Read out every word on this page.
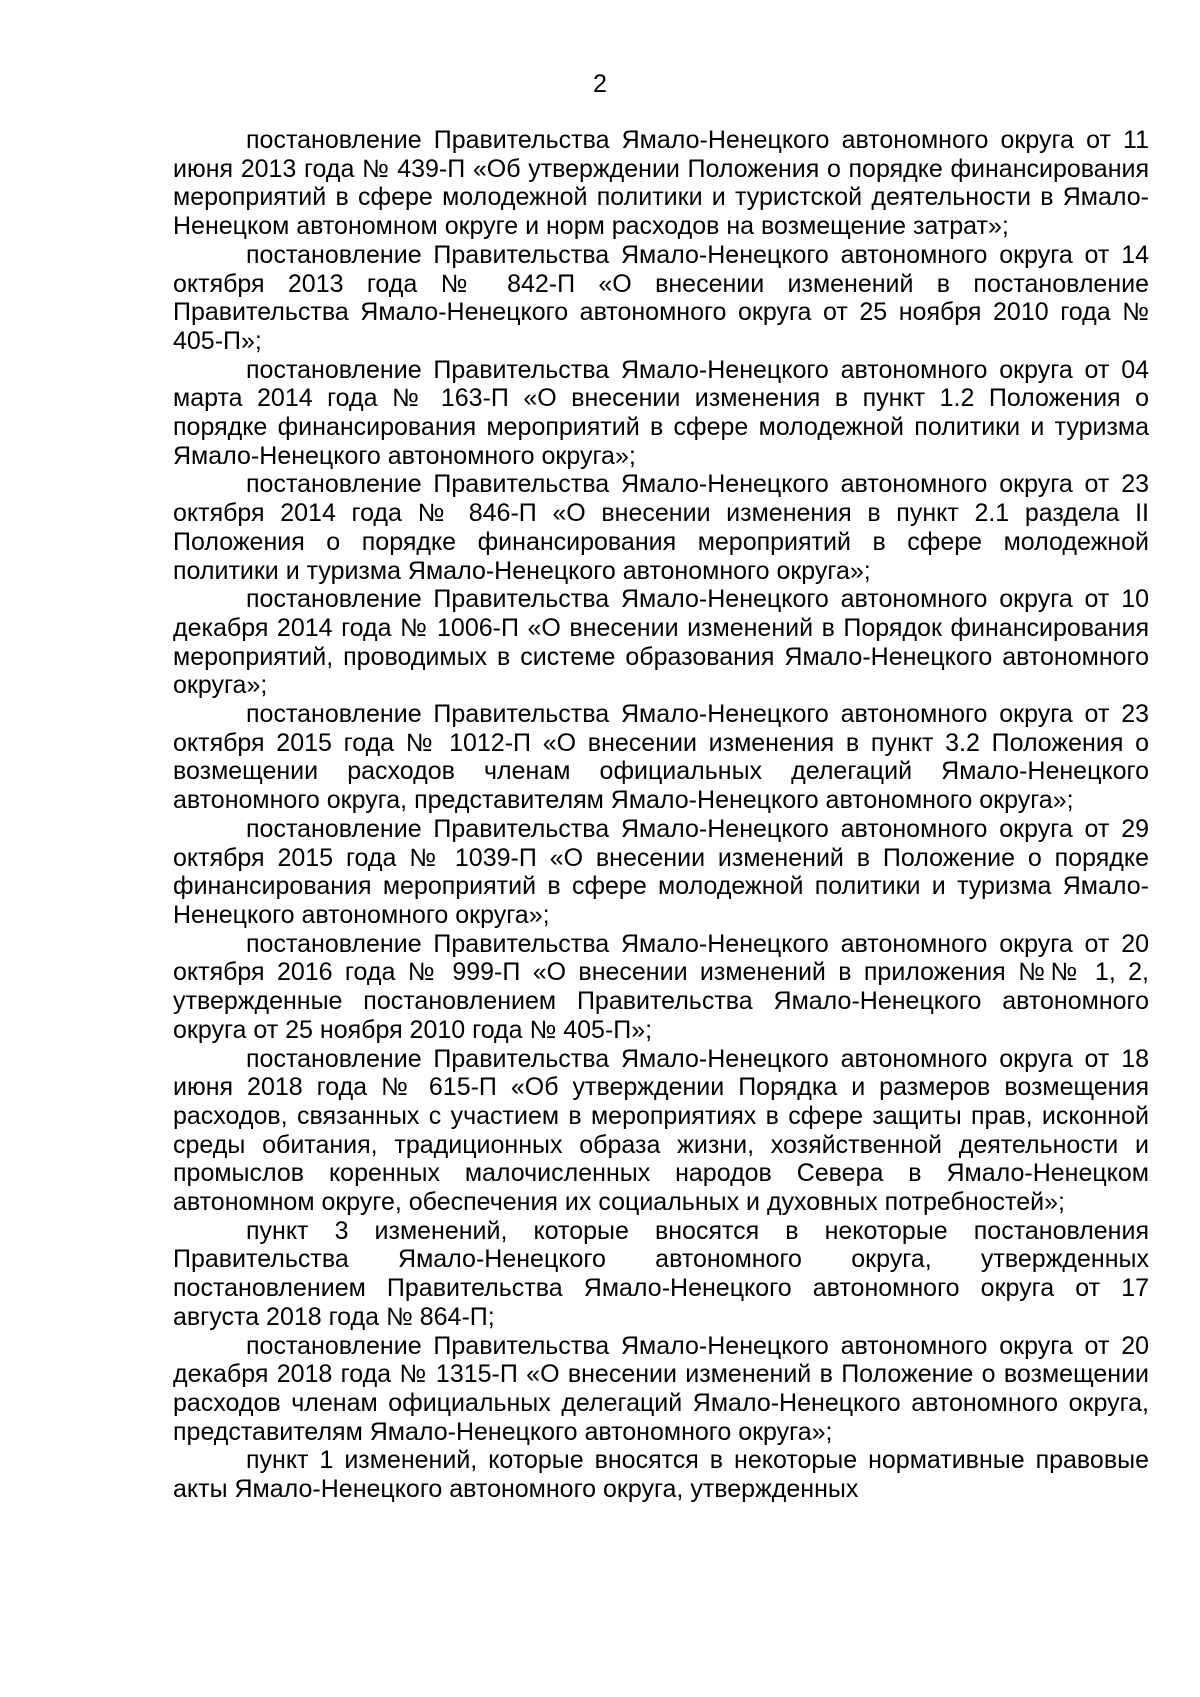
2

постановление Правительства Ямало-Ненецкого автономного округа от 11 июня 2013 года № 439-П «Об утверждении Положения о порядке финансирования мероприятий в сфере молодежной политики и туристской деятельности в Ямало-Ненецком автономном округе и норм расходов на возмещение затрат»;

постановление Правительства Ямало-Ненецкого автономного округа от 14 октября 2013 года № 842-П «О внесении изменений в постановление Правительства Ямало-Ненецкого автономного округа от 25 ноября 2010 года № 405-П»;

постановление Правительства Ямало-Ненецкого автономного округа от 04 марта 2014 года № 163-П «О внесении изменения в пункт 1.2 Положения о порядке финансирования мероприятий в сфере молодежной политики и туризма Ямало-Ненецкого автономного округа»;

постановление Правительства Ямало-Ненецкого автономного округа от 23 октября 2014 года № 846-П «О внесении изменения в пункт 2.1 раздела II Положения о порядке финансирования мероприятий в сфере молодежной политики и туризма Ямало-Ненецкого автономного округа»;

постановление Правительства Ямало-Ненецкого автономного округа от 10 декабря 2014 года № 1006-П «О внесении изменений в Порядок финансирования мероприятий, проводимых в системе образования Ямало-Ненецкого автономного округа»;

постановление Правительства Ямало-Ненецкого автономного округа от 23 октября 2015 года № 1012-П «О внесении изменения в пункт 3.2 Положения о возмещении расходов членам официальных делегаций Ямало-Ненецкого автономного округа, представителям Ямало-Ненецкого автономного округа»;

постановление Правительства Ямало-Ненецкого автономного округа от 29 октября 2015 года № 1039-П «О внесении изменений в Положение о порядке финансирования мероприятий в сфере молодежной политики и туризма Ямало-Ненецкого автономного округа»;

постановление Правительства Ямало-Ненецкого автономного округа от 20 октября 2016 года № 999-П «О внесении изменений в приложения №№ 1, 2, утвержденные постановлением Правительства Ямало-Ненецкого автономного округа от 25 ноября 2010 года № 405-П»;

постановление Правительства Ямало-Ненецкого автономного округа от 18 июня 2018 года № 615-П «Об утверждении Порядка и размеров возмещения расходов, связанных с участием в мероприятиях в сфере защиты прав, исконной среды обитания, традиционных образа жизни, хозяйственной деятельности и промыслов коренных малочисленных народов Севера в Ямало-Ненецком автономном округе, обеспечения их социальных и духовных потребностей»;

пункт 3 изменений, которые вносятся в некоторые постановления Правительства Ямало-Ненецкого автономного округа, утвержденных постановлением Правительства Ямало-Ненецкого автономного округа от 17 августа 2018 года № 864-П;

постановление Правительства Ямало-Ненецкого автономного округа от 20 декабря 2018 года № 1315-П «О внесении изменений в Положение о возмещении расходов членам официальных делегаций Ямало-Ненецкого автономного округа, представителям Ямало-Ненецкого автономного округа»;

пункт 1 изменений, которые вносятся в некоторые нормативные правовые акты Ямало-Ненецкого автономного округа, утвержденных
